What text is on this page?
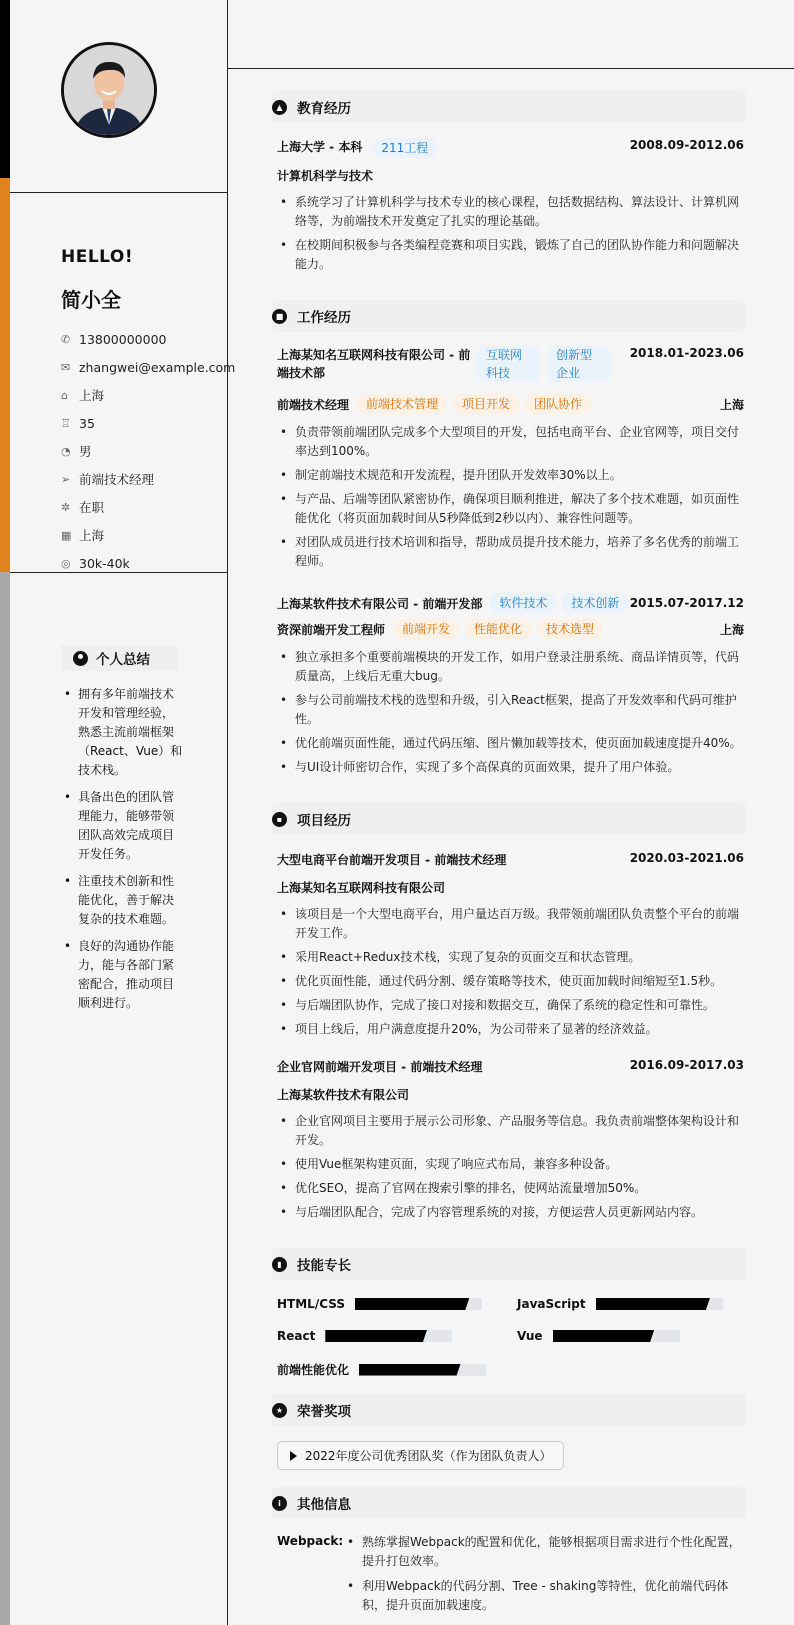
HELLO!
简小全
✆ 13800000000
✉ zhangwei@example.com
⌂ 上海
♖ 35
◔ 男
➢ 前端技术经理
✲ 在职
▦ 上海
◎ 30k-40k
个人总结
• 拥有多年前端技术开发和管理经验，熟悉主流前端框架（React、Vue）和技术栈。
• 具备出色的团队管理能力，能够带领团队高效完成项目开发任务。
• 注重技术创新和性能优化，善于解决复杂的技术难题。
• 良好的沟通协作能力，能与各部门紧密配合，推动项目顺利进行。
▲	教育经历
上海大学 - 本科	211工程	2008.09-2012.06
计算机科学与技术
• 系统学习了计算机科学与技术专业的核心课程，包括数据结构、算法设计、计算机网络等，为前端技术开发奠定了扎实的理论基础。
• 在校期间积极参与各类编程竞赛和项目实践，锻炼了自己的团队协作能力和问题解决能力。
■ 工作经历
上海某知名互联网科技有限公司 - 前
端技术部
互联网科技
创新型企业
2018.01-2023.06
前端技术经理	前端技术管理	项目开发	团队协作	上海
• 负责带领前端团队完成多个大型项目的开发，包括电商平台、企业官网等，项目交付率达到100%。
• 制定前端技术规范和开发流程，提升团队开发效率30%以上。
• 与产品、后端等团队紧密协作，确保项目顺利推进，解决了多个技术难题，如页面性能优化（将页面加载时间从5秒降低到2秒以内）、兼容性问题等。
• 对团队成员进行技术培训和指导，帮助成员提升技术能力，培养了多名优秀的前端工程师。
上海某软件技术有限公司 - 前端开发部	软件技术	技术创新 2015.07-2017.12
资深前端开发工程师	前端开发	性能优化	技术选型	上海
• 独立承担多个重要前端模块的开发工作，如用户登录注册系统、商品详情页等，代码质量高，上线后无重大bug。
• 参与公司前端技术栈的选型和升级，引入React框架，提高了开发效率和代码可维护性。
• 优化前端页面性能，通过代码压缩、图片懒加载等技术，使页面加载速度提升40%。
• 与UI设计师密切合作，实现了多个高保真的页面效果，提升了用户体验。
▪	项目经历
大型电商平台前端开发项目 - 前端技术经理	2020.03-2021.06
上海某知名互联网科技有限公司
• 该项目是一个大型电商平台，用户量达百万级。我带领前端团队负责整个平台的前端开发工作。
• 采用React+Redux技术栈，实现了复杂的页面交互和状态管理。
• 优化页面性能，通过代码分割、缓存策略等技术，使页面加载时间缩短至1.5秒。
• 与后端团队协作，完成了接口对接和数据交互，确保了系统的稳定性和可靠性。
• 项目上线后，用户满意度提升20%，为公司带来了显著的经济效益。
企业官网前端开发项目 - 前端技术经理	2016.09-2017.03
上海某软件技术有限公司
• 企业官网项目主要用于展示公司形象、产品服务等信息。我负责前端整体架构设计和开发。
• 使用Vue框架构建页面，实现了响应式布局，兼容多种设备。
• 优化SEO，提高了官网在搜索引擎的排名，使网站流量增加50%。
• 与后端团队配合，完成了内容管理系统的对接，方便运营人员更新网站内容。
▮	技能专长
HTML/CSS	JavaScript
React	Vue
前端性能优化
★ 荣誉奖项
2022年度公司优秀团队奖（作为团队负责人）
i	其他信息
Webpack:
•	熟练掌握Webpack的配置和优化，能够根据项目需求进行个性化配置，提升打包效率。
• 利用Webpack的代码分割、Tree - shaking等特性，优化前端代码体积，提升页面加载速度。
